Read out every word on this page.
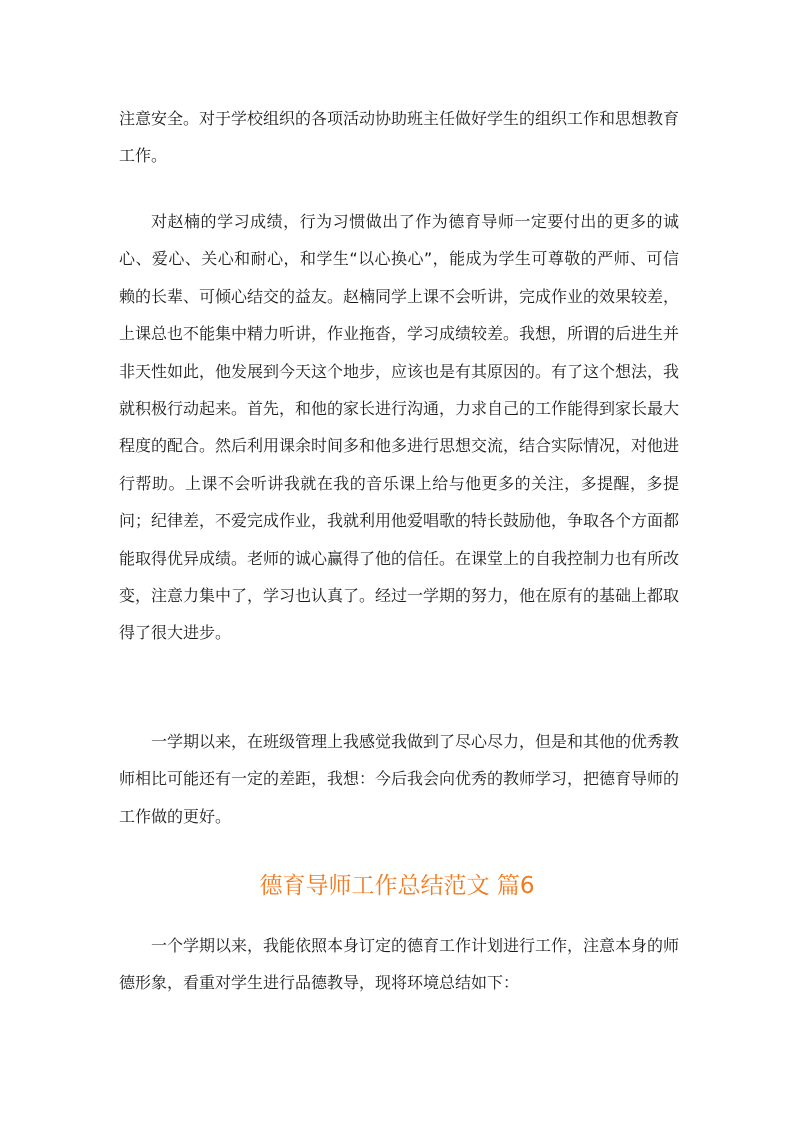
注意安全。对于学校组织的各项活动协助班主任做好学生的组织工作和思想教育工作。

对赵楠的学习成绩，行为习惯做出了作为德育导师一定要付出的更多的诚心、爱心、关心和耐心，和学生“以心换心”，能成为学生可尊敬的严师、可信赖的长辈、可倾心结交的益友。赵楠同学上课不会听讲，完成作业的效果较差，上课总也不能集中精力听讲，作业拖沓，学习成绩较差。我想，所谓的后进生并非天性如此，他发展到今天这个地步，应该也是有其原因的。有了这个想法，我就积极行动起来。首先，和他的家长进行沟通，力求自己的工作能得到家长最大程度的配合。然后利用课余时间多和他多进行思想交流，结合实际情况，对他进行帮助。上课不会听讲我就在我的音乐课上给与他更多的关注，多提醒，多提问；纪律差，不爱完成作业，我就利用他爱唱歌的特长鼓励他，争取各个方面都能取得优异成绩。老师的诚心赢得了他的信任。在课堂上的自我控制力也有所改变，注意力集中了，学习也认真了。经过一学期的努力，他在原有的基础上都取得了很大进步。

一学期以来，在班级管理上我感觉我做到了尽心尽力，但是和其他的优秀教师相比可能还有一定的差距，我想：今后我会向优秀的教师学习，把德育导师的工作做的更好。

德育导师工作总结范文 篇6

一个学期以来，我能依照本身订定的德育工作计划进行工作，注意本身的师德形象，看重对学生进行品德教导，现将环境总结如下：
